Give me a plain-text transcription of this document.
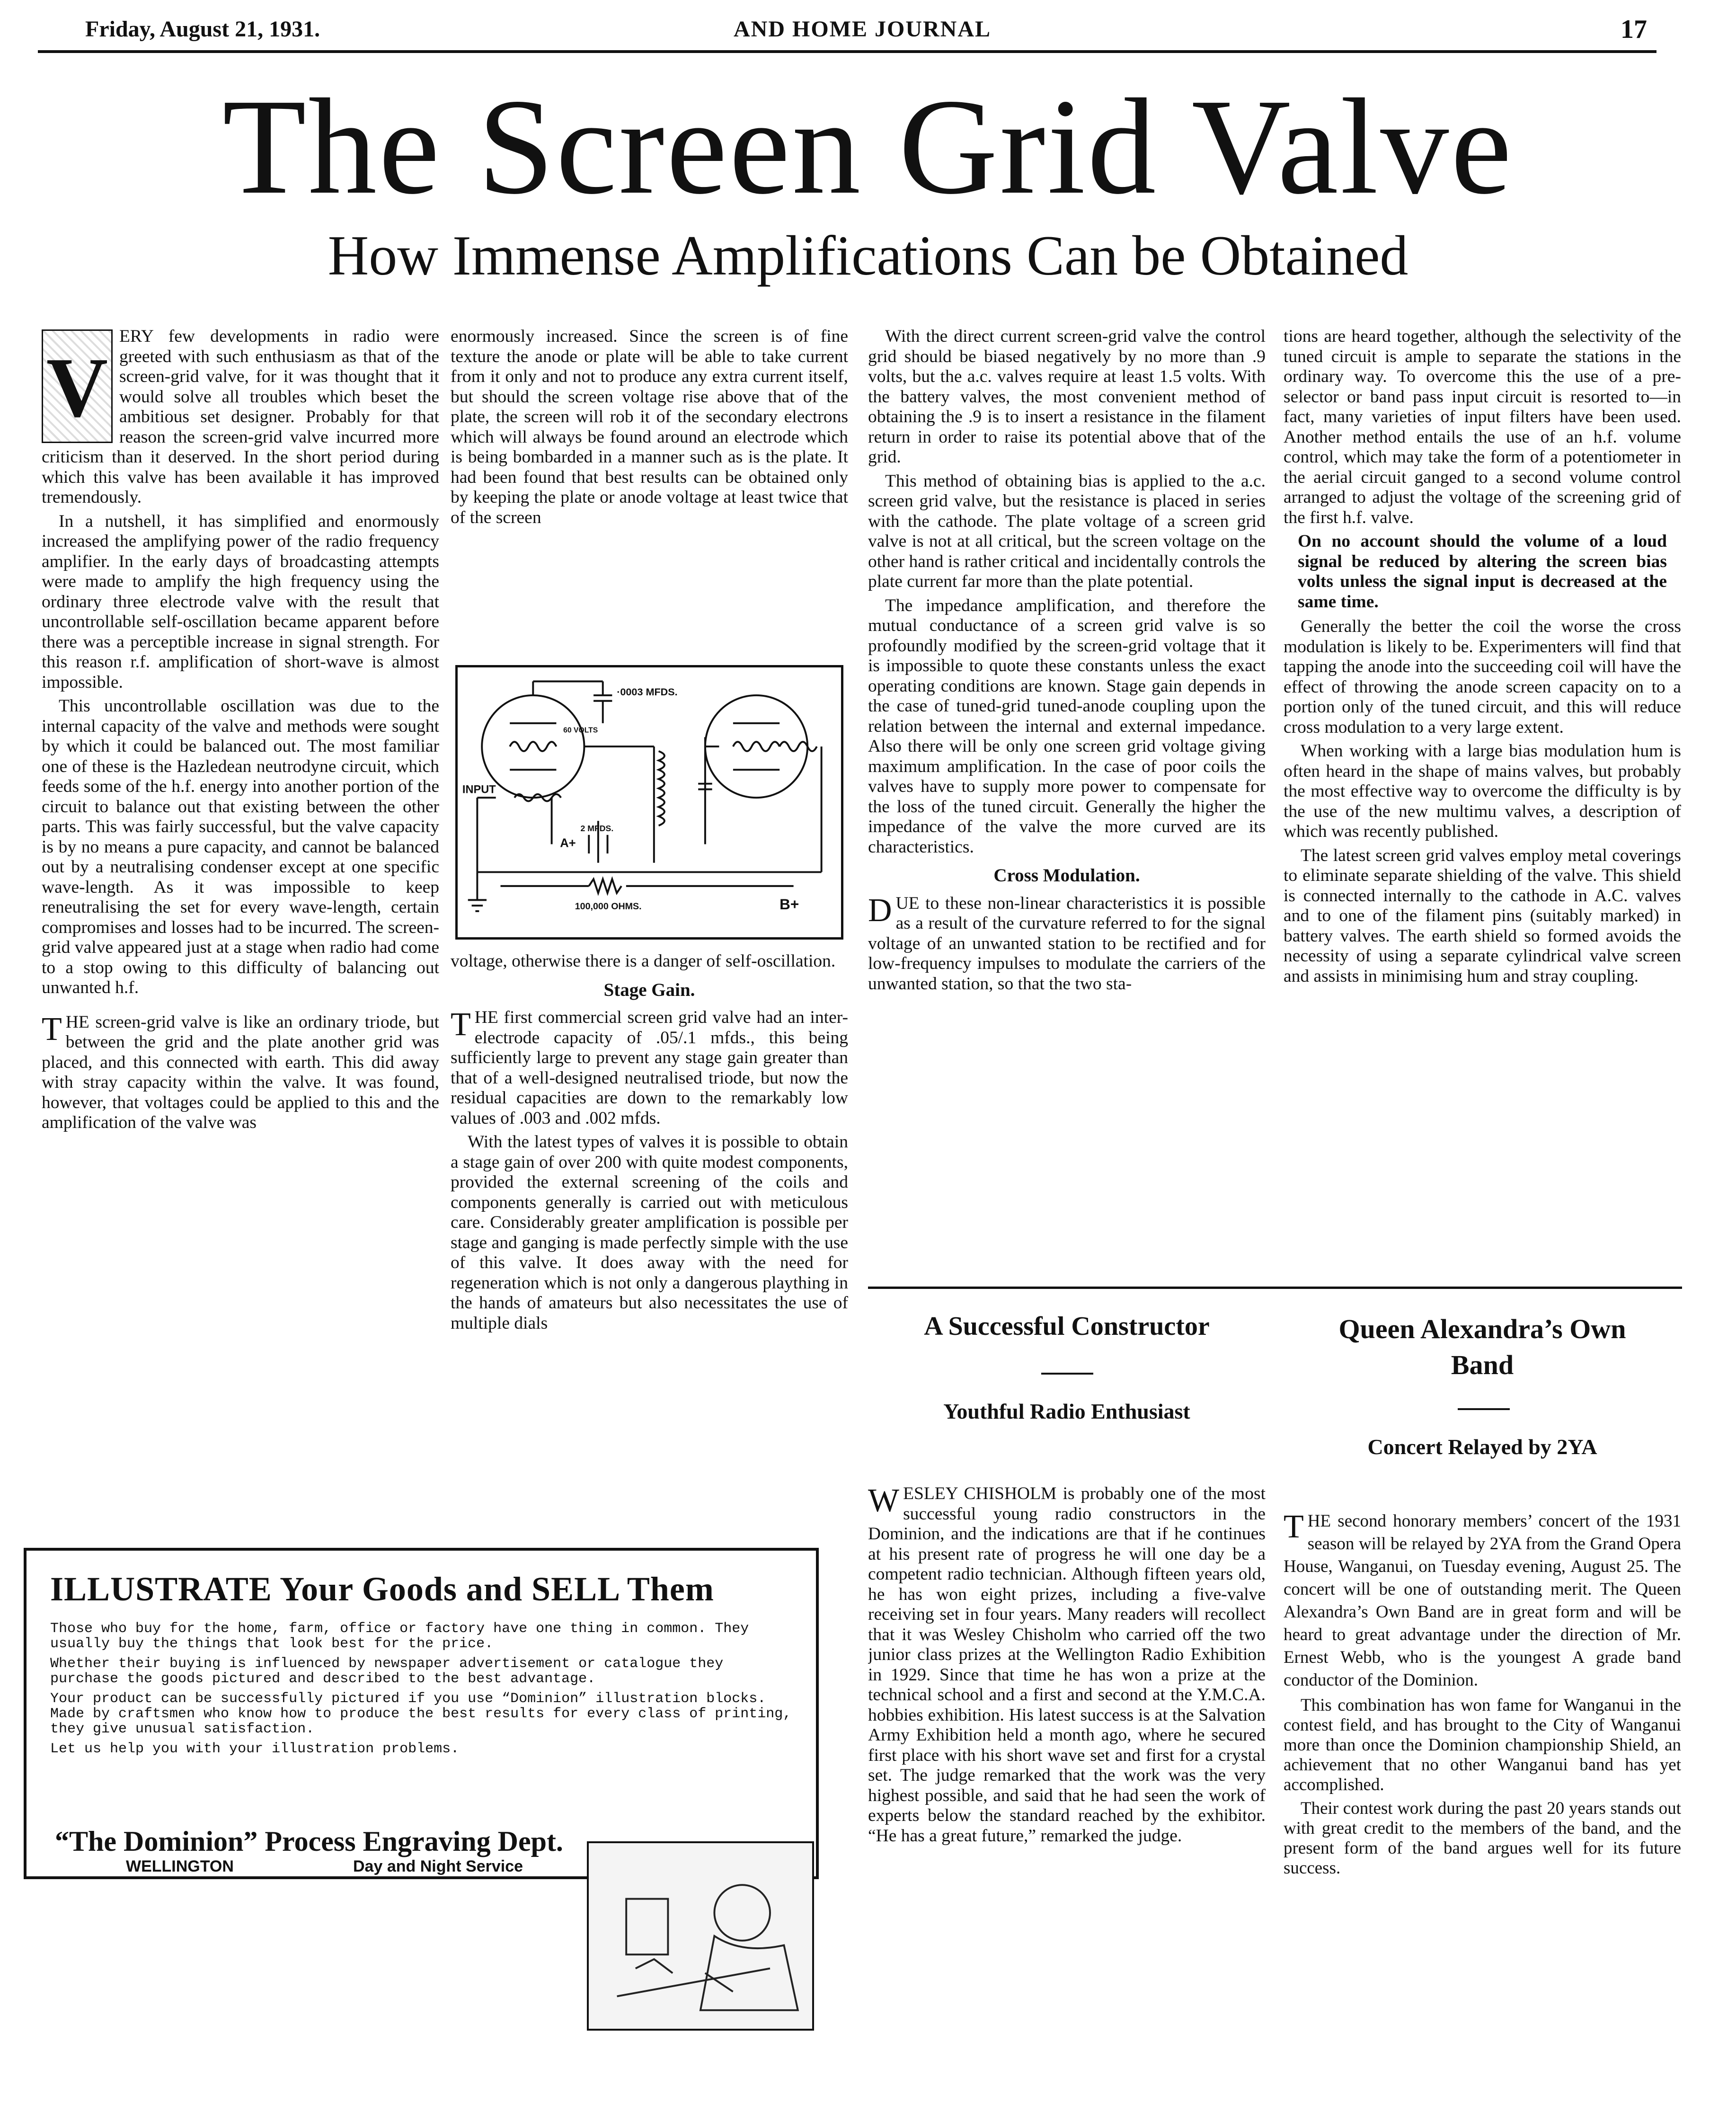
Friday, August 21, 1931.	AND HOME JOURNAL	17
The Screen Grid Valve
How Immense Amplifications Can be Obtained
V

ERY few developments in radio were greeted with such enthusiasm as that of the screen-grid valve, for it was thought that it would solve all troubles which beset the ambitious set designer. Probably for that reason the screen-grid valve incurred more criticism than it deserved. In the short period during which this valve has been available it has improved tremendously.

In a nutshell, it has simplified and enormously increased the amplifying power of the radio frequency amplifier. In the early days of broadcasting attempts were made to amplify the high frequency using the ordinary three electrode valve with the result that uncontrollable self-oscillation became apparent before there was a perceptible increase in signal strength. For this reason r.f. amplification of short-wave is almost impossible.

This uncontrollable oscillation was due to the internal capacity of the valve and methods were sought by which it could be balanced out. The most familiar one of these is the Hazledean neutrodyne circuit, which feeds some of the h.f. energy into another portion of the circuit to balance out that existing between the other parts. This was fairly successful, but the valve capacity is by no means a pure capacity, and cannot be balanced out by a neutralising condenser except at one specific wave-length. As it was impossible to keep reneutralising the set for every wave-length, certain compromises and losses had to be incurred. The screen-grid valve appeared just at a stage when radio had come to a stop owing to this difficulty of balancing out unwanted h.f.

THE screen-grid valve is like an ordinary triode, but between the grid and the plate another grid was placed, and this connected with earth. This did away with stray capacity within the valve. It was found, however, that voltages could be applied to this and the amplification of the valve was

enormously increased. Since the screen is of fine texture the anode or plate will be able to take current from it only and not to produce any extra current itself, but should the screen voltage rise above that of the plate, the screen will rob it of the secondary electrons which will always be found around an electrode which is being bombarded in a manner such as is the plate. It had been found that best results can be obtained only by keeping the plate or anode voltage at least twice that of the screen

·0003 MFDS.
60 VOLTS
INPUT
2 MFDS.
A+
100,000 OHMS.	B+

voltage, otherwise there is a danger of self-oscillation.

Stage Gain.

THE first commercial screen grid valve had an inter-electrode capacity of .05/.1 mfds., this being sufficiently large to prevent any stage gain greater than that of a well-designed neutralised triode, but now the residual capacities are down to the remarkably low values of .003 and .002 mfds.

With the latest types of valves it is possible to obtain a stage gain of over 200 with quite modest components, provided the external screening of the coils and components generally is carried out with meticulous care. Considerably greater amplification is possible per stage and ganging is made perfectly simple with the use of this valve. It does away with the need for regeneration which is not only a dangerous plaything in the hands of amateurs but also necessitates the use of multiple dials

With the direct current screen-grid valve the control grid should be biased negatively by no more than .9 volts, but the a.c. valves require at least 1.5 volts. With the battery valves, the most convenient method of obtaining the .9 is to insert a resistance in the filament return in order to raise its potential above that of the grid.

This method of obtaining bias is applied to the a.c. screen grid valve, but the resistance is placed in series with the cathode. The plate voltage of a screen grid valve is not at all critical, but the screen voltage on the other hand is rather critical and incidentally controls the plate current far more than the plate potential.

The impedance amplification, and therefore the mutual conductance of a screen grid valve is so profoundly modified by the screen-grid voltage that it is impossible to quote these constants unless the exact operating conditions are known. Stage gain depends in the case of tuned-grid tuned-anode coupling upon the relation between the internal and external impedance. Also there will be only one screen grid voltage giving maximum amplification. In the case of poor coils the valves have to supply more power to compensate for the loss of the tuned circuit. Generally the higher the impedance of the valve the more curved are its characteristics.

Cross Modulation.

DUE to these non-linear characteristics it is possible as a result of the curvature referred to for the signal voltage of an unwanted station to be rectified and for low-frequency impulses to modulate the carriers of the unwanted station, so that the two sta-

tions are heard together, although the selectivity of the tuned circuit is ample to separate the stations in the ordinary way. To overcome this the use of a pre-selector or band pass input circuit is resorted to—in fact, many varieties of input filters have been used. Another method entails the use of an h.f. volume control, which may take the form of a potentiometer in the aerial circuit ganged to a second volume control arranged to adjust the voltage of the screening grid of the first h.f. valve.

On no account should the volume of a loud signal be reduced by altering the screen bias volts unless the signal input is decreased at the same time.

Generally the better the coil the worse the cross modulation is likely to be. Experimenters will find that tapping the anode into the succeeding coil will have the effect of throwing the anode screen capacity on to a portion only of the tuned circuit, and this will reduce cross modulation to a very large extent.

When working with a large bias modulation hum is often heard in the shape of mains valves, but probably the most effective way to overcome the difficulty is by the use of the new multimu valves, a description of which was recently published.

The latest screen grid valves employ metal coverings to eliminate separate shielding of the valve. This shield is connected internally to the cathode in A.C. valves and to one of the filament pins (suitably marked) in battery valves. The earth shield so formed avoids the necessity of using a separate cylindrical valve screen and assists in minimising hum and stray coupling.

A Successful Constructor
Youthful Radio Enthusiast

WESLEY CHISHOLM is probably one of the most successful young radio constructors in the Dominion, and the indications are that if he continues at his present rate of progress he will one day be a competent radio technician. Although fifteen years old, he has won eight prizes, including a five-valve receiving set in four years. Many readers will recollect that it was Wesley Chisholm who carried off the two junior class prizes at the Wellington Radio Exhibition in 1929. Since that time he has won a prize at the technical school and a first and second at the Y.M.C.A. hobbies exhibition. His latest success is at the Salvation Army Exhibition held a month ago, where he secured first place with his short wave set and first for a crystal set. The judge remarked that the work was the very highest possible, and said that he had seen the work of experts below the standard reached by the exhibitor. “He has a great future,” remarked the judge.

Queen Alexandra’s Own
Band
Concert Relayed by 2YA

THE second honorary members’ concert of the 1931 season will be relayed by 2YA from the Grand Opera House, Wanganui, on Tuesday evening, August 25. The concert will be one of outstanding merit. The Queen Alexandra’s Own Band are in great form and will be heard to great advantage under the direction of Mr. Ernest Webb, who is the youngest A grade band conductor of the Dominion.

This combination has won fame for Wanganui in the contest field, and has brought to the City of Wanganui more than once the Dominion championship Shield, an achievement that no other Wanganui band has yet accomplished.

Their contest work during the past 20 years stands out with great credit to the members of the band, and the present form of the band argues well for its future success.

ILLUSTRATE Your Goods and SELL Them

Those who buy for the home, farm, office or factory have one thing in common. They usually buy the things that look best for the price.

Whether their buying is influenced by newspaper advertisement or catalogue they purchase the goods pictured and described to the best advantage.

Your product can be successfully pictured if you use “Dominion” illustration blocks. Made by craftsmen who know how to produce the best results for every class of printing, they give unusual satisfaction.

Let us help you with your illustration problems.

“The Dominion” Process Engraving Dept.
WELLINGTON	Day and Night Service
